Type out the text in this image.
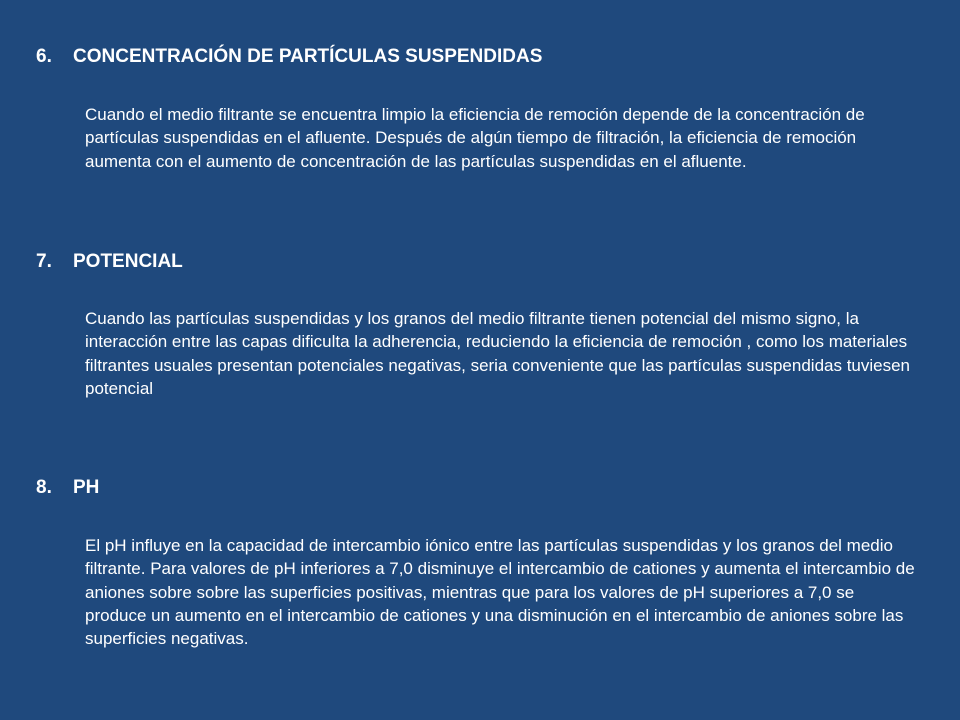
6.	CONCENTRACIÓN DE PARTÍCULAS SUSPENDIDAS

Cuando el medio filtrante se encuentra limpio la eficiencia de remoción depende de la concentración de partículas suspendidas en el afluente. Después de algún tiempo de filtración, la eficiencia de remoción aumenta con el aumento de concentración de las partículas suspendidas en el afluente.

7.	POTENCIAL

Cuando las partículas suspendidas y los granos del medio filtrante tienen potencial del mismo signo, la interacción entre las capas dificulta la adherencia, reduciendo la eficiencia de remoción , como los materiales filtrantes usuales presentan potenciales negativas, seria conveniente que las partículas suspendidas tuviesen potencial

8.	PH

El pH influye en la capacidad de intercambio iónico entre las partículas suspendidas y los granos del medio filtrante. Para valores de pH inferiores a 7,0 disminuye el intercambio de cationes y aumenta el intercambio de aniones sobre sobre las superficies positivas, mientras que para los valores de pH superiores a 7,0 se produce un aumento en el intercambio de cationes y una disminución en el intercambio de aniones sobre las superficies negativas.
